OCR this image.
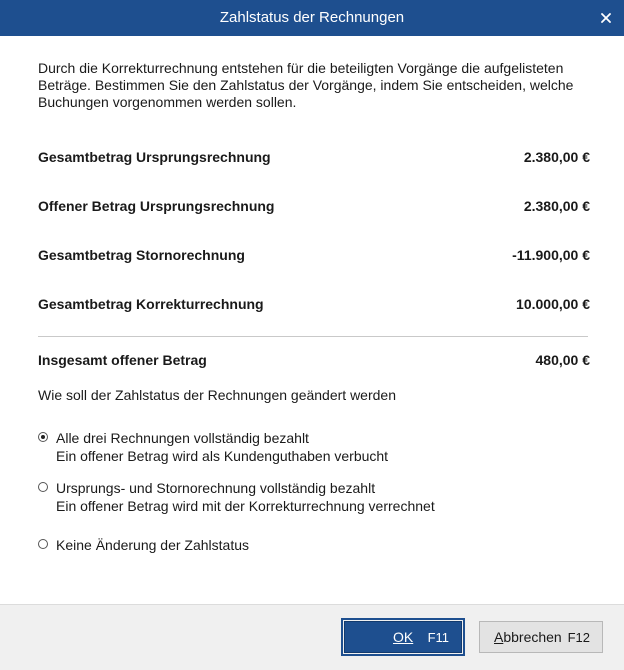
Zahlstatus der Rechnungen

Durch die Korrekturrechnung entstehen für die beteiligten Vorgänge die aufgelisteten Beträge. Bestimmen Sie den Zahlstatus der Vorgänge, indem Sie entscheiden, welche Buchungen vorgenommen werden sollen.

Gesamtbetrag Ursprungsrechnung	2.380,00 €
Offener Betrag Ursprungsrechnung	2.380,00 €
Gesamtbetrag Stornorechnung	-11.900,00 €
Gesamtbetrag Korrekturrechnung	10.000,00 €
Insgesamt offener Betrag	480,00 €
Wie soll der Zahlstatus der Rechnungen geändert werden
Alle drei Rechnungen vollständig bezahlt
Ein offener Betrag wird als Kundenguthaben verbucht
Ursprungs- und Stornorechnung vollständig bezahlt
Ein offener Betrag wird mit der Korrekturrechnung verrechnet
Keine Änderung der Zahlstatus
OK F11	Abbrechen F12
